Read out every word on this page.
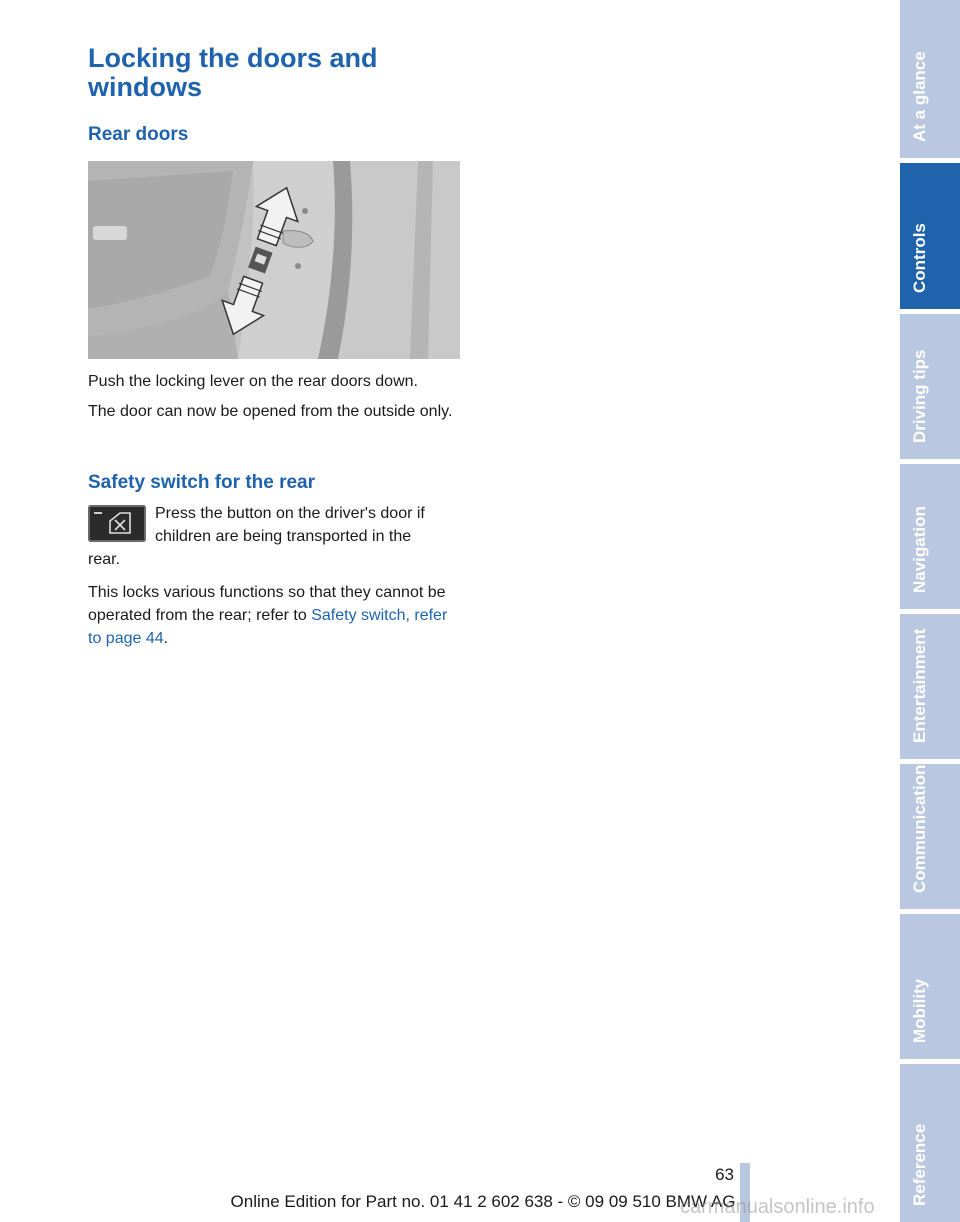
Locking the doors and windows
Rear doors

Push the locking lever on the rear doors down.

The door can now be opened from the outside only.

Safety switch for the rear

Press the button on the driver's door if children are being transported in the
rear.

This locks various functions so that they cannot be operated from the rear; refer to Safety switch, refer to page 44.

At a glance
Controls
Driving tips
Navigation
Entertainment
Communication
Mobility
Reference
63
Online Edition for Part no. 01 41 2 602 638 - © 09 09 510 BMW AG
carmanualsonline.info
